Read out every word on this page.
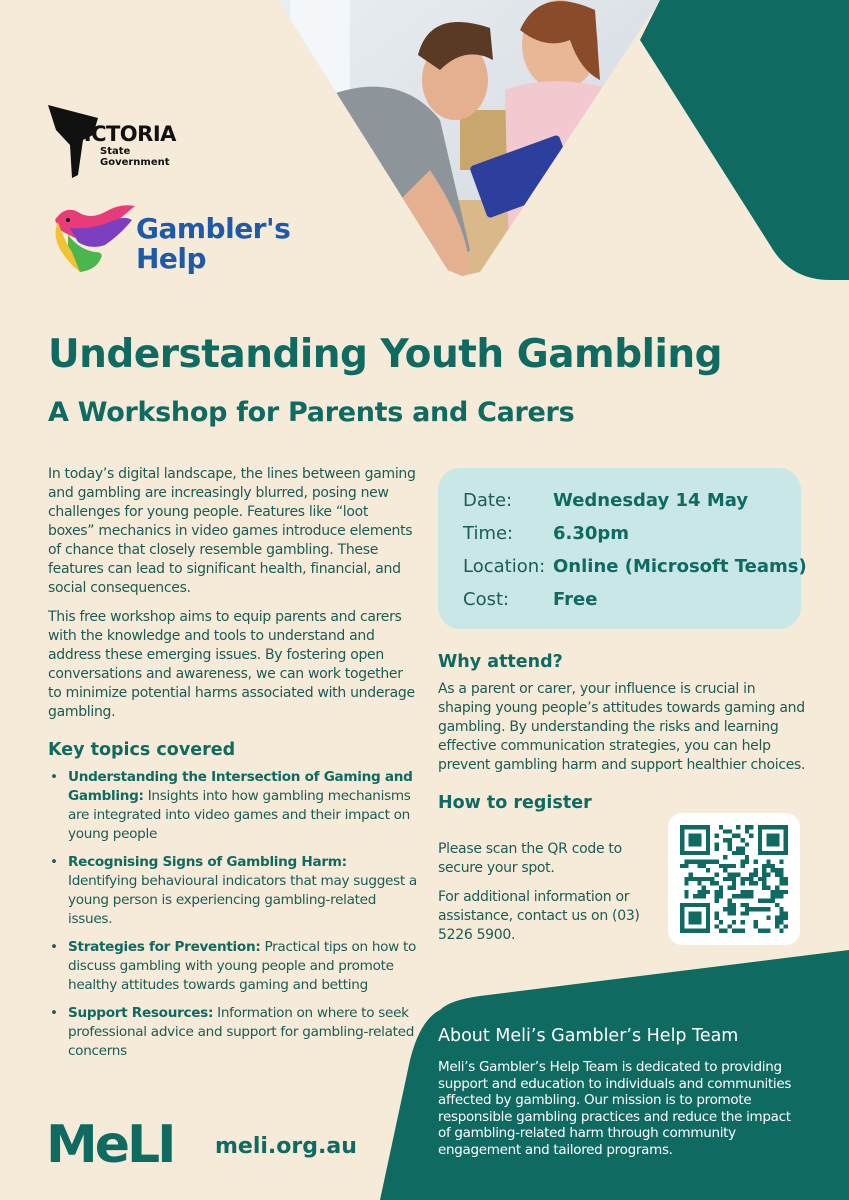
VICTORIA
State
Government
Gambler's
Help
Understanding Youth Gambling
A Workshop for Parents and Carers

In today’s digital landscape, the lines between gaming and gambling are increasingly blurred, posing new challenges for young people. Features like “loot boxes” mechanics in video games introduce elements of chance that closely resemble gambling. These features can lead to significant health, financial, and social consequences.

This free workshop aims to equip parents and carers with the knowledge and tools to understand and address these emerging issues. By fostering open conversations and awareness, we can work together to minimize potential harms associated with underage gambling.

Key topics covered
• Understanding the Intersection of Gaming and Gambling: Insights into how gambling mechanisms are integrated into video games and their impact on young people
• Recognising Signs of Gambling Harm: Identifying behavioural indicators that may suggest a young person is experiencing gambling-related issues.
• Strategies for Prevention: Practical tips on how to discuss gambling with young people and promote healthy attitudes towards gaming and betting
• Support Resources: Information on where to seek professional advice and support for gambling-related concerns
Date: Wednesday 14 May
Time: 6.30pm
Location: Online (Microsoft Teams)
Cost: Free
Why attend?

As a parent or carer, your influence is crucial in shaping young people’s attitudes towards gaming and gambling. By understanding the risks and learning effective communication strategies, you can help prevent gambling harm and support healthier choices.

How to register

Please scan the QR code to secure your spot.

For additional information or assistance, contact us on (03) 5226 5900.

About Meli’s Gambler’s Help Team

Meli’s Gambler’s Help Team is dedicated to providing support and education to individuals and communities affected by gambling. Our mission is to promote responsible gambling practices and reduce the impact of gambling-related harm through community engagement and tailored programs.

MeLI meli.org.au
